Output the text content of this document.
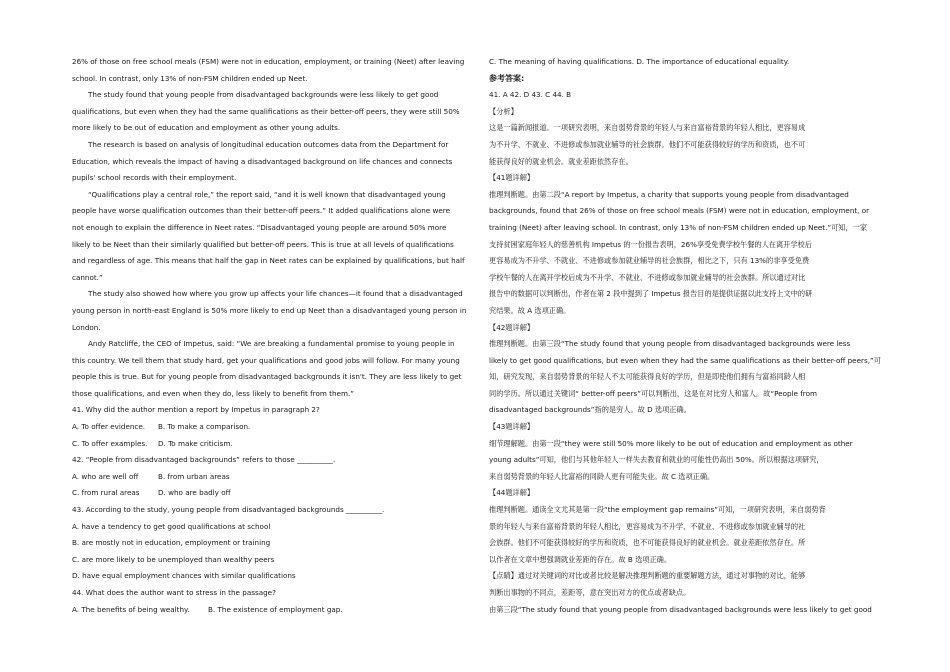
26% of those on free school meals (FSM) were not in education, employment, or training (Neet) after leaving
school. In contrast, only 13% of non-FSM children ended up Neet.
The study found that young people from disadvantaged backgrounds were less likely to get good
qualifications, but even when they had the same qualifications as their better-off peers, they were still 50%
more likely to be out of education and employment as other young adults.
The research is based on analysis of longitudinal education outcomes data from the Department for
Education, which reveals the impact of having a disadvantaged background on life chances and connects
pupils' school records with their employment.
“Qualifications play a central role,” the report said, “and it is well known that disadvantaged young
people have worse qualification outcomes than their better-off peers.” It added qualifications alone were
not enough to explain the difference in Neet rates. “Disadvantaged young people are around 50% more
likely to be Neet than their similarly qualified but better-off peers. This is true at all levels of qualifications
and regardless of age. This means that half the gap in Neet rates can be explained by qualifications, but half
cannot.”
The study also showed how where you grow up affects your life chances—it found that a disadvantaged
young person in north-east England is 50% more likely to end up Neet than a disadvantaged young person in
London.
Andy Ratcliffe, the CEO of Impetus, said: “We are breaking a fundamental promise to young people in
this country. We tell them that study hard, get your qualifications and good jobs will follow. For many young
people this is true. But for young people from disadvantaged backgrounds it isn't. They are less likely to get
those qualifications, and even when they do, less likely to benefit from them.”
41. Why did the author mention a report by Impetus in paragraph 2?
A. To offer evidence. B. To make a comparison.
C. To offer examples. D. To make criticism.
42. “People from disadvantaged backgrounds” refers to those __________.
A. who are well off	B. from urban areas
C. from rural areas	D. who are badly off
43. According to the study, young people from disadvantaged backgrounds __________.
A. have a tendency to get good qualifications at school
B. are mostly not in education, employment or training
C. are more likely to be unemployed than wealthy peers
D. have equal employment chances with similar qualifications
44. What does the author want to stress in the passage?
A. The benefits of being wealthy.	B. The existence of employment gap.
C. The meaning of having qualifications. D. The importance of educational equality.
参考答案:
41. A 42. D 43. C 44. B
【分析】
这是一篇新闻报道。一项研究表明，来自弱势背景的年轻人与来自富裕背景的年轻人相比，更容易成
为不升学、不就业、不进修或参加就业辅导的社会族群。他们不可能获得较好的学历和资质，也不可
能获得良好的就业机会。就业差距依然存在。
【41题详解】
推理判断题。由第二段“A report by Impetus, a charity that supports young people from disadvantaged
backgrounds, found that 26% of those on free school meals (FSM) were not in education, employment, or
training (Neet) after leaving school. In contrast, only 13% of non-FSM children ended up Neet.”可知，一家
支持贫困家庭年轻人的慈善机构 Impetus 的一份报告表明，26%享受免费学校午餐的人在离开学校后
更容易成为不升学、不就业、不进修或参加就业辅导的社会族群，相比之下，只有 13%的非享受免费
学校午餐的人在离开学校后成为不升学、不就业、不进修或参加就业辅导的社会族群。所以通过对比
报告中的数据可以判断出，作者在第 2 段中提到了 Impetus 报告目的是提供证据以此支持上文中的研
究结果。故 A 选项正确。
【42题详解】
推理判断题。由第三段“The study found that young people from disadvantaged backgrounds were less
likely to get good qualifications, but even when they had the same qualifications as their better-off peers,”可
知，研究发现，来自弱势背景的年轻人不太可能获得良好的学历，但是即使他们拥有与富裕同龄人相
同的学历。所以通过关键词“ better-off peers”可以判断出，这是在对比穷人和富人。故“People from
disadvantaged backgrounds”指的是穷人。故 D 选项正确。
【43题详解】
细节理解题。由第一段“they were still 50% more likely to be out of education and employment as other
young adults”可知，他们与其他年轻人一样失去教育和就业的可能性仍高出 50%。所以根据这项研究，
来自弱势背景的年轻人比富裕的同龄人更有可能失业。故 C 选项正确。
【44题详解】
推理判断题。通读全文尤其是第一段“the employment gap remains”可知，一项研究表明，来自弱势背
景的年轻人与来自富裕背景的年轻人相比，更容易成为不升学、不就业、不进修或参加就业辅导的社
会族群。他们不可能获得较好的学历和资质，也不可能获得良好的就业机会。就业差距依然存在。所
以作者在文章中想强调就业差距的存在。故 B 选项正确。
【点睛】通过对关键词的对比或者比较是解决推理判断题的重要解题方法，通过对事物的对比，能够
判断出事物的不同点，差距等，意在突出对方的优点或者缺点。
由第三段“The study found that young people from disadvantaged backgrounds were less likely to get good
